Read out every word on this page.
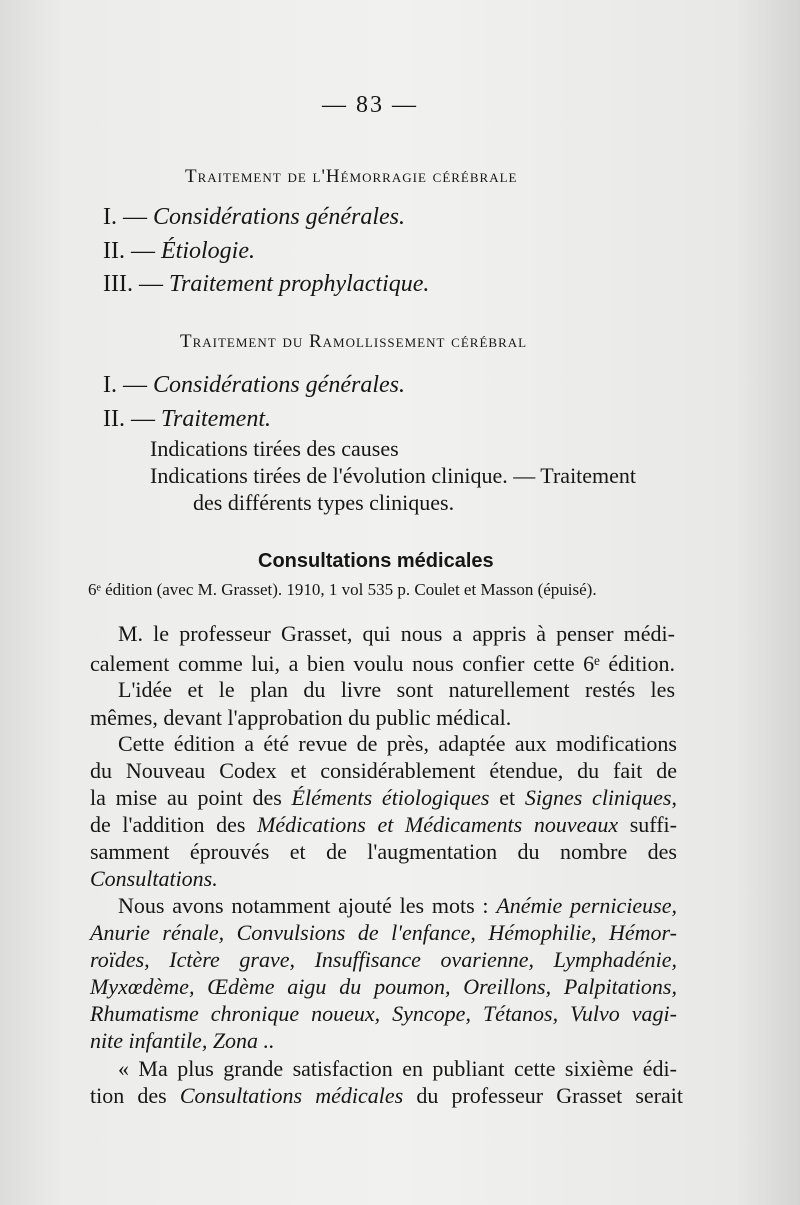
— 83 —
Traitement de l'Hémorragie cérébrale
I. — Considérations générales.
II. — Étiologie.
III. — Traitement prophylactique.
Traitement du Ramollissement cérébral
I. — Considérations générales.
II. — Traitement.
Indications tirées des causes
Indications tirées de l'évolution clinique. — Traitement
des différents types cliniques.
Consultations médicales
6ᵉ édition (avec M. Grasset). 1910, 1 vol 535 p. Coulet et Masson (épuisé).
M. le professeur Grasset, qui nous a appris à penser médi-
calement comme lui, a bien voulu nous confier cette 6ᵉ édition.
L'idée et le plan du livre sont naturellement restés les
mêmes, devant l'approbation du public médical.
Cette édition a été revue de près, adaptée aux modifications
du Nouveau Codex et considérablement étendue, du fait de
la mise au point des Éléments étiologiques et Signes cliniques,
de l'addition des Médications et Médicaments nouveaux suffi-
samment éprouvés et de l'augmentation du nombre des
Consultations.
Nous avons notamment ajouté les mots : Anémie pernicieuse,
Anurie rénale, Convulsions de l'enfance, Hémophilie, Hémor-
roïdes, Ictère grave, Insuffisance ovarienne, Lymphadénie,
Myxœdème, Œdème aigu du poumon, Oreillons, Palpitations,
Rhumatisme chronique noueux, Syncope, Tétanos, Vulvo vagi-
nite infantile, Zona ..
« Ma plus grande satisfaction en publiant cette sixième édi-
tion des Consultations médicales du professeur Grasset serait
